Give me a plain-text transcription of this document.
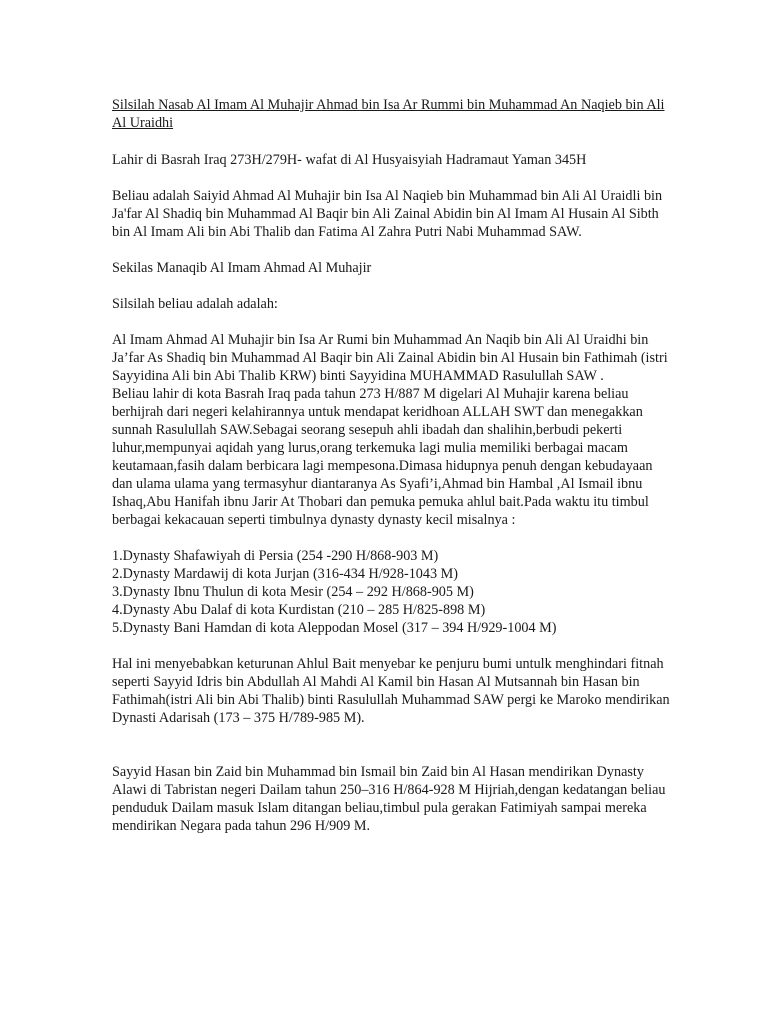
Silsilah Nasab Al Imam Al Muhajir Ahmad bin Isa Ar Rummi bin Muhammad An Naqieb bin Ali Al Uraidhi

Lahir di Basrah Iraq 273H/279H- wafat di Al Husyaisyiah Hadramaut Yaman 345H

Beliau adalah Saiyid Ahmad Al Muhajir bin Isa Al Naqieb bin Muhammad bin Ali Al Uraidli bin Ja'far Al Shadiq bin Muhammad Al Baqir bin Ali Zainal Abidin bin Al Imam Al Husain Al Sibth bin Al Imam Ali bin Abi Thalib dan Fatima Al Zahra Putri Nabi Muhammad SAW.

Sekilas Manaqib Al Imam Ahmad Al Muhajir

Silsilah beliau adalah adalah:

Al Imam Ahmad Al Muhajir bin Isa Ar Rumi bin Muhammad An Naqib bin Ali Al Uraidhi bin Ja’far As Shadiq bin Muhammad Al Baqir bin Ali Zainal Abidin bin Al Husain bin Fathimah (istri Sayyidina Ali bin Abi Thalib KRW) binti Sayyidina MUHAMMAD Rasulullah SAW .

Beliau lahir di kota Basrah Iraq pada tahun 273 H/887 M digelari Al Muhajir karena beliau berhijrah dari negeri kelahirannya untuk mendapat keridhoan ALLAH SWT dan menegakkan sunnah Rasulullah SAW.Sebagai seorang sesepuh ahli ibadah dan shalihin,berbudi pekerti luhur,mempunyai aqidah yang lurus,orang terkemuka lagi mulia memiliki berbagai macam keutamaan,fasih dalam berbicara lagi mempesona.Dimasa hidupnya penuh dengan kebudayaan dan ulama ulama yang termasyhur diantaranya As Syafi’i,Ahmad bin Hambal ,Al Ismail ibnu Ishaq,Abu Hanifah ibnu Jarir At Thobari dan pemuka pemuka ahlul bait.Pada waktu itu timbul berbagai kekacauan seperti timbulnya dynasty dynasty kecil misalnya :

1.Dynasty Shafawiyah di Persia (254 -290 H/868-903 M)

2.Dynasty Mardawij di kota Jurjan (316-434 H/928-1043 M)

3.Dynasty Ibnu Thulun di kota Mesir (254 – 292 H/868-905 M)

4.Dynasty Abu Dalaf di kota Kurdistan (210 – 285 H/825-898 M)

5.Dynasty Bani Hamdan di kota Aleppodan Mosel (317 – 394 H/929-1004 M)

Hal ini menyebabkan keturunan Ahlul Bait menyebar ke penjuru bumi untulk menghindari fitnah seperti Sayyid Idris bin Abdullah Al Mahdi Al Kamil bin Hasan Al Mutsannah bin Hasan bin Fathimah(istri Ali bin Abi Thalib) binti Rasulullah Muhammad SAW pergi ke Maroko mendirikan Dynasti Adarisah (173 – 375 H/789-985 M).

Sayyid Hasan bin Zaid bin Muhammad bin Ismail bin Zaid bin Al Hasan mendirikan Dynasty Alawi di Tabristan negeri Dailam tahun 250–316 H/864-928 M Hijriah,dengan kedatangan beliau penduduk Dailam masuk Islam ditangan beliau,timbul pula gerakan Fatimiyah sampai mereka mendirikan Negara pada tahun 296 H/909 M.
